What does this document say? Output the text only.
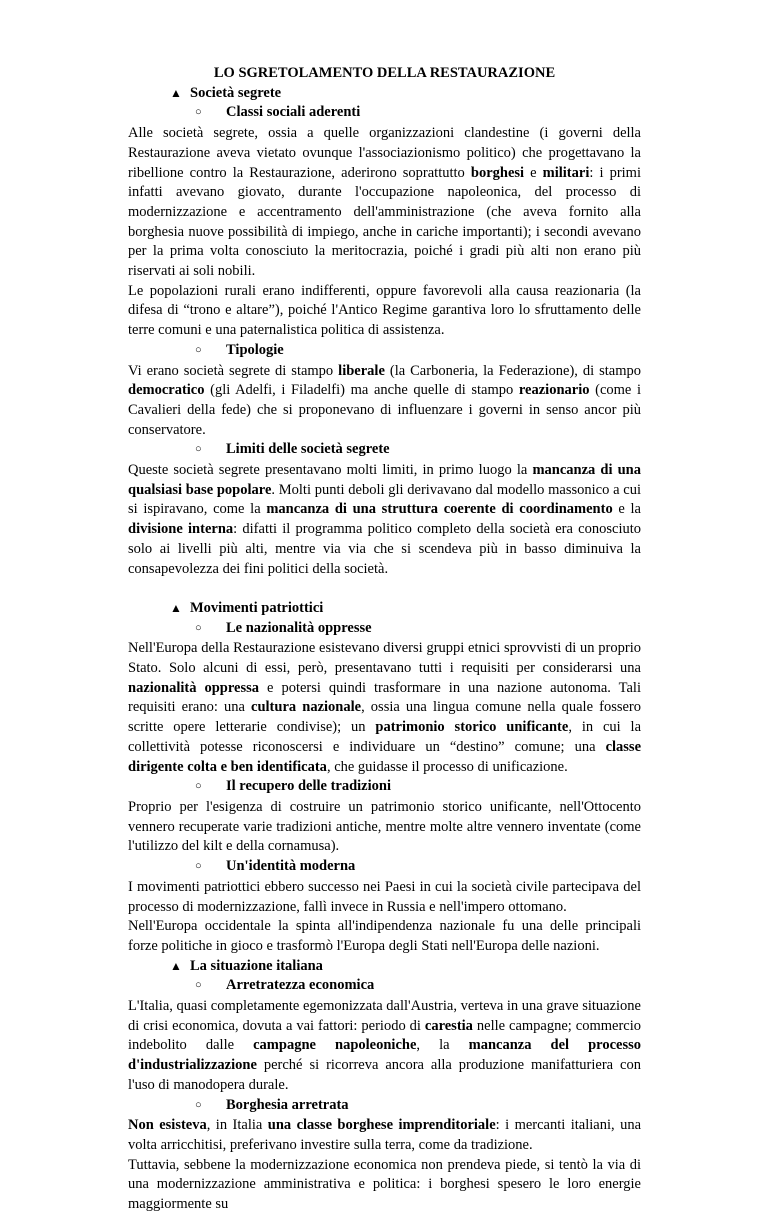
LO SGRETOLAMENTO DELLA RESTAURAZIONE

▲ Società segrete

○ Classi sociali aderenti

Alle società segrete, ossia a quelle organizzazioni clandestine (i governi della Restaurazione aveva vietato ovunque l'associazionismo politico) che progettavano la ribellione contro la Restaurazione, aderirono soprattutto borghesi e militari: i primi infatti avevano giovato, durante l'occupazione napoleonica, del processo di modernizzazione e accentramento dell'amministrazione (che aveva fornito alla borghesia nuove possibilità di impiego, anche in cariche importanti); i secondi avevano per la prima volta conosciuto la meritocrazia, poiché i gradi più alti non erano più riservati ai soli nobili.

Le popolazioni rurali erano indifferenti, oppure favorevoli alla causa reazionaria (la difesa di “trono e altare”), poiché l'Antico Regime garantiva loro lo sfruttamento delle terre comuni e una paternalistica politica di assistenza.

○ Tipologie

Vi erano società segrete di stampo liberale (la Carboneria, la Federazione), di stampo democratico (gli Adelfi, i Filadelfi) ma anche quelle di stampo reazionario (come i Cavalieri della fede) che si proponevano di influenzare i governi in senso ancor più conservatore.

○ Limiti delle società segrete

Queste società segrete presentavano molti limiti, in primo luogo la mancanza di una qualsiasi base popolare. Molti punti deboli gli derivavano dal modello massonico a cui si ispiravano, come la mancanza di una struttura coerente di coordinamento e la divisione interna: difatti il programma politico completo della società era conosciuto solo ai livelli più alti, mentre via via che si scendeva più in basso diminuiva la consapevolezza dei fini politici della società.

▲ Movimenti patriottici

○ Le nazionalità oppresse

Nell'Europa della Restaurazione esistevano diversi gruppi etnici sprovvisti di un proprio Stato. Solo alcuni di essi, però, presentavano tutti i requisiti per considerarsi una nazionalità oppressa e potersi quindi trasformare in una nazione autonoma. Tali requisiti erano: una cultura nazionale, ossia una lingua comune nella quale fossero scritte opere letterarie condivise); un patrimonio storico unificante, in cui la collettività potesse riconoscersi e individuare un “destino” comune; una classe dirigente colta e ben identificata, che guidasse il processo di unificazione.

○ Il recupero delle tradizioni

Proprio per l'esigenza di costruire un patrimonio storico unificante, nell'Ottocento vennero recuperate varie tradizioni antiche, mentre molte altre vennero inventate (come l'utilizzo del kilt e della cornamusa).

○ Un'identità moderna

I movimenti patriottici ebbero successo nei Paesi in cui la società civile partecipava del processo di modernizzazione, fallì invece in Russia e nell'impero ottomano.

Nell'Europa occidentale la spinta all'indipendenza nazionale fu una delle principali forze politiche in gioco e trasformò l'Europa degli Stati nell'Europa delle nazioni.

▲ La situazione italiana

○ Arretratezza economica

L'Italia, quasi completamente egemonizzata dall'Austria, verteva in una grave situazione di crisi economica, dovuta a vai fattori: periodo di carestia nelle campagne; commercio indebolito dalle campagne napoleoniche, la mancanza del processo d'industrializzazione perché si ricorreva ancora alla produzione manifatturiera con l'uso di manodopera durale.

○ Borghesia arretrata

Non esisteva, in Italia una classe borghese imprenditoriale: i mercanti italiani, una volta arricchitisi, preferivano investire sulla terra, come da tradizione.

Tuttavia, sebbene la modernizzazione economica non prendeva piede, si tentò la via di una modernizzazione amministrativa e politica: i borghesi spesero le loro energie maggiormente su
